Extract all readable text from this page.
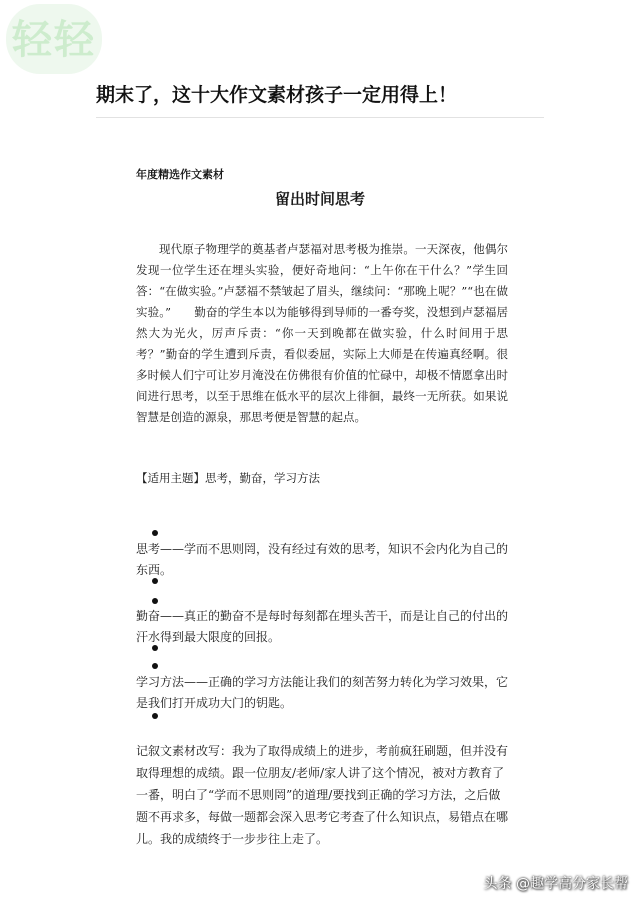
轻轻
期末了，这十大作文素材孩子一定用得上！

年度精选作文素材

留出时间思考

现代原子物理学的奠基者卢瑟福对思考极为推崇。一天深夜，他偶尔发现一位学生还在埋头实验，便好奇地问：“上午你在干什么？”学生回答：“在做实验。”卢瑟福不禁皱起了眉头，继续问：“那晚上呢？”“也在做实验。”　　勤奋的学生本以为能够得到导师的一番夸奖，没想到卢瑟福居然大为光火，厉声斥责：“你一天到晚都在做实验，什么时间用于思考？”勤奋的学生遭到斥责，看似委屈，实际上大师是在传遍真经啊。很多时候人们宁可让岁月淹没在仿佛很有价值的忙碌中，却极不情愿拿出时间进行思考，以至于思维在低水平的层次上徘徊，最终一无所获。如果说智慧是创造的源泉，那思考便是智慧的起点。

【适用主题】思考，勤奋，学习方法

思考——学而不思则罔，没有经过有效的思考，知识不会内化为自己的东西。

勤奋——真正的勤奋不是每时每刻都在埋头苦干，而是让自己的付出的汗水得到最大限度的回报。

学习方法——正确的学习方法能让我们的刻苦努力转化为学习效果，它是我们打开成功大门的钥匙。

记叙文素材改写：我为了取得成绩上的进步，考前疯狂刷题，但并没有取得理想的成绩。跟一位朋友/老师/家人讲了这个情况，被对方教育了一番，明白了“学而不思则罔”的道理/要找到正确的学习方法，之后做题不再求多，每做一题都会深入思考它考查了什么知识点，易错点在哪儿。我的成绩终于一步步往上走了。

头条 @趣学高分家长帮
